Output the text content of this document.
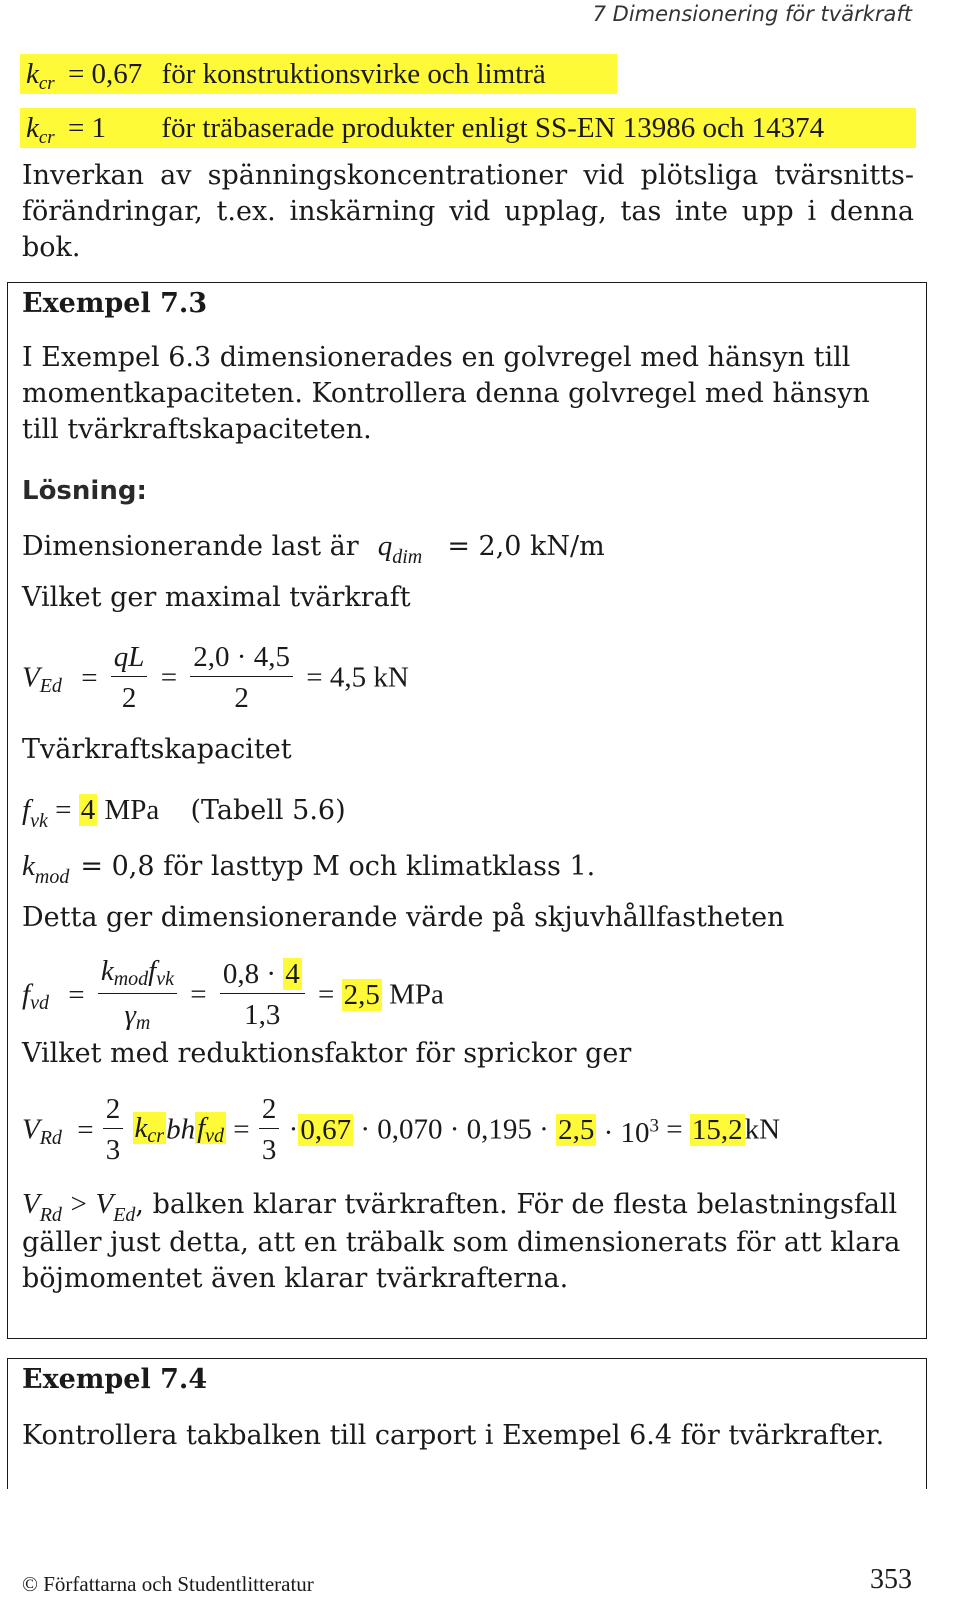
7 Dimensionering för tvärkraft
$k_{cr} = 0,67$ för konstruktionsvirke och limträ
$k_{cr} = 1$ för träbaserade produkter enligt SS-EN 13986 och 14374
Inverkan av spänningskoncentrationer vid plötsliga tvärsnitts-förändringar, t.ex. inskärning vid upplag, tas inte upp i denna bok.
Exempel 7.3
I Exempel 6.3 dimensionerades en golvregel med hänsyn till momentkapaciteten. Kontrollera denna golvregel med hänsyn till tvärkraftskapaciteten.
Lösning:
Dimensionerande last är qdim = 2,0 kN/m
Vilket ger maximal tvärkraft
$V_{Ed} = \frac{qL}{2} = \frac{2,0 \cdot 4,5}{2} = 4,5$ kN
Tvärkraftskapacitet
$f_{vk} = 4$ MPa (Tabell 5.6)
kmod = 0,8 för lasttyp M och klimatklass 1.
Detta ger dimensionerande värde på skjuvhållfastheten
$f_{vd} = \frac{\text{kmodfvk}}{\gamma m} = \frac{0,8 \cdot 4}{1,3} = 2,5$ MPa
Vilket med reduktionsfaktor för sprickor ger
$V_{Rd} = \frac{2}{3}$ kcrbhfvd = $\frac{2}{3} \cdot 0,67 \cdot 0,070 \cdot 0,195 \cdot 2,5 \cdot 10^3 = 15,2kN$
$V_{Rd} > V_{Ed}$, balken klarar tvärkraften. För de flesta belastningsfall gäller just detta, att en träbalk som dimensionerats för att klara böjmomentet även klarar tvärkrafterna.
Exempel 7.4
Kontrollera takbalken till carport i Exempel 6.4 för tvärkrafter.
© Författarna och Studentlitteratur	353
